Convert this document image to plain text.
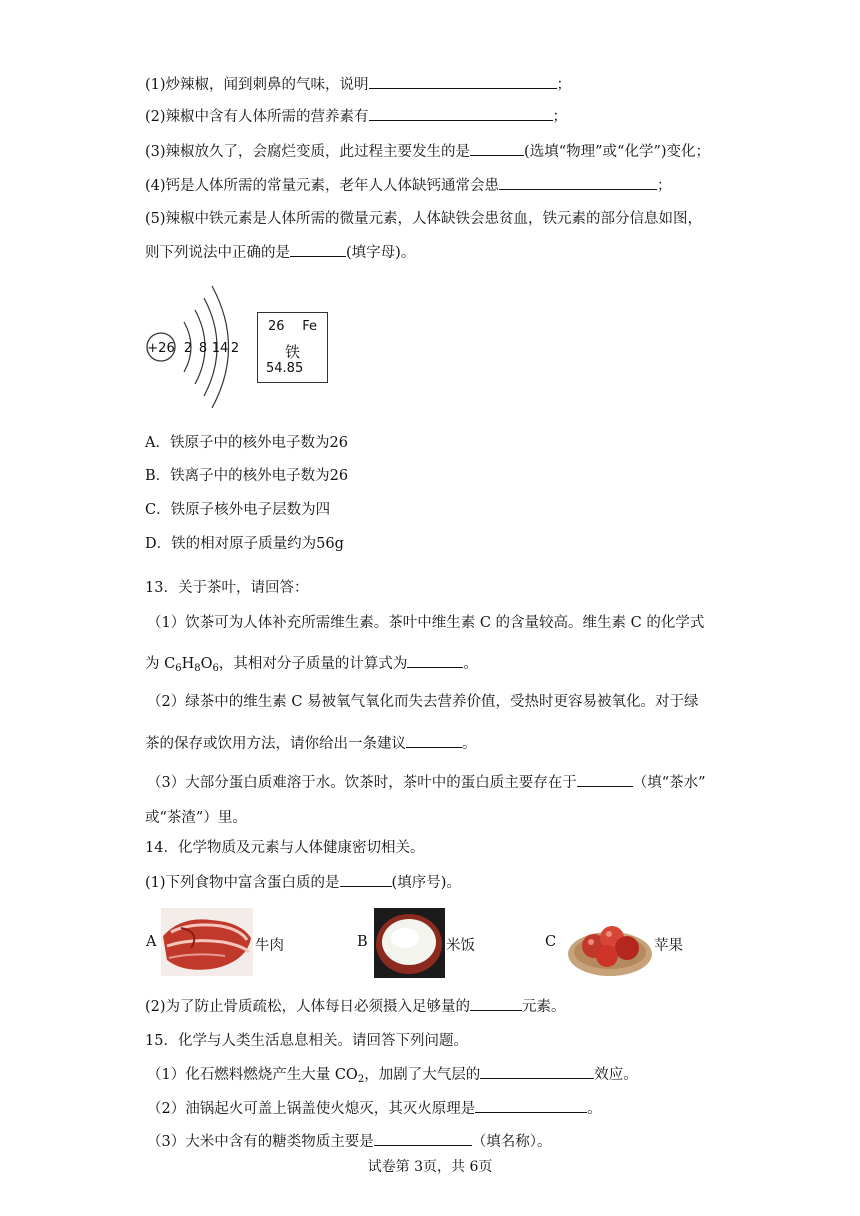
(1)炒辣椒，闻到刺鼻的气味，说明	；
(2)辣椒中含有人体所需的营养素有	；
(3)辣椒放久了，会腐烂变质，此过程主要发生的是	(选填“物理”或“化学”)变化；
(4)钙是人体所需的常量元素，老年人人体缺钙通常会患	；
(5)辣椒中铁元素是人体所需的微量元素，人体缺铁会患贫血，铁元素的部分信息如图，
则下列说法中正确的是	(填字母)。
+26 2 8 14 2
26 Fe
铁
54.85
A．铁原子中的核外电子数为26
B．铁离子中的核外电子数为26
C．铁原子核外电子层数为四
D．铁的相对原子质量约为56g
13．关于茶叶，请回答：
（1）饮茶可为人体补充所需维生素。茶叶中维生素 C 的含量较高。维生素 C 的化学式
为 $C_6H_8O_6$，其相对分子质量的计算式为	。
（2）绿茶中的维生素 C 易被氧气氧化而失去营养价值，受热时更容易被氧化。对于绿
茶的保存或饮用方法，请你给出一条建议	。
（3）大部分蛋白质难溶于水。饮茶时，茶叶中的蛋白质主要存在于	（填“茶水”
或“茶渣”）里。
14．化学物质及元素与人体健康密切相关。
(1)下列食物中富含蛋白质的是	(填序号)。
A	牛肉	B	米饭	C	苹果
(2)为了防止骨质疏松，人体每日必须摄入足够量的	元素。
15．化学与人类生活息息相关。请回答下列问题。
（1）化石燃料燃烧产生大量 $CO_2$，加剧了大气层的	效应。
（2）油锅起火可盖上锅盖使火熄灭，其灭火原理是	。
（3）大米中含有的糖类物质主要是	（填名称）。
试卷第 3页，共 6页
